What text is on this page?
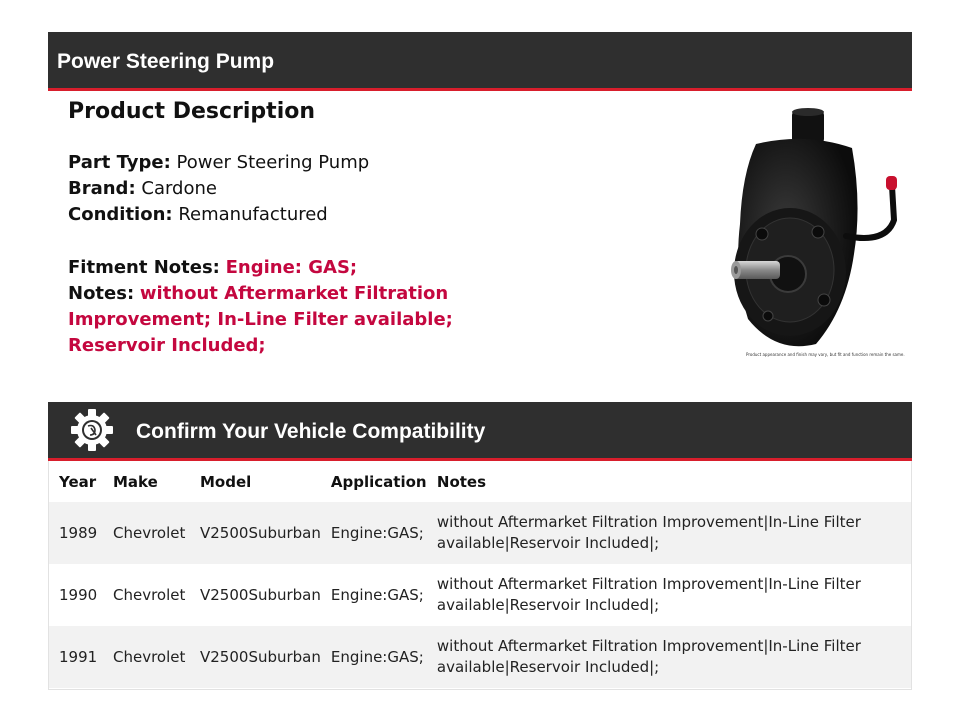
Power Steering Pump
Product Description
Part Type: Power Steering Pump
Brand: Cardone
Condition: Remanufactured
Fitment Notes: Engine: GAS;
Notes: without Aftermarket Filtration Improvement; In-Line Filter available; Reservoir Included;	Product appearance and finish may vary, but fit and function remain the same.
Confirm Your Vehicle Compatibility
Year	Make	Model	Application	Notes
1989	Chevrolet	V2500Suburban	Engine:GAS;	without Aftermarket Filtration Improvement|In-Line Filter available|Reservoir Included|;
1990	Chevrolet	V2500Suburban	Engine:GAS;	without Aftermarket Filtration Improvement|In-Line Filter available|Reservoir Included|;
1991	Chevrolet	V2500Suburban	Engine:GAS;	without Aftermarket Filtration Improvement|In-Line Filter available|Reservoir Included|;
